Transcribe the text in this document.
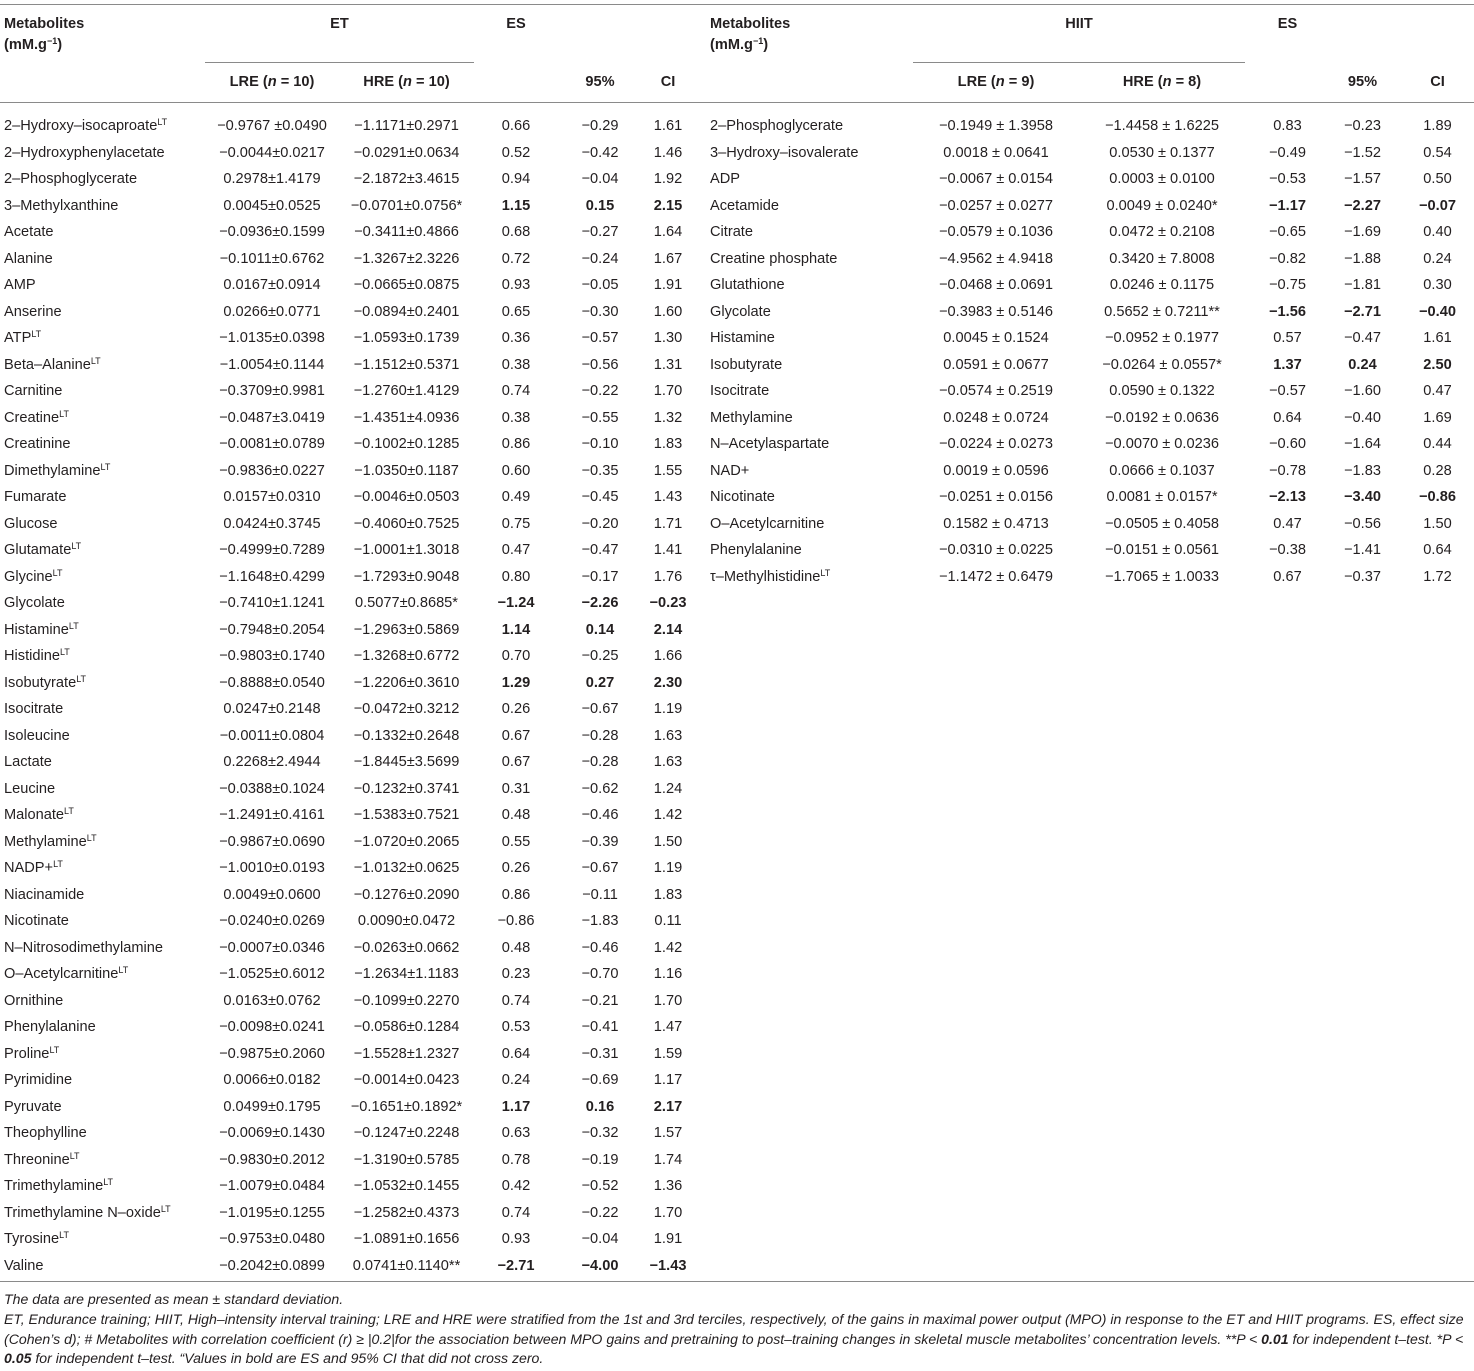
Metabolites
$(mM.g^{-1})$
ET	ES
LRE (n = 10)	HRE (n = 10)	95%	CI
Metabolites
$(mM.g^{-1})$
HIIT	ES
LRE (n = 9)	HRE (n = 8)	95%	CI
2–Hydroxy–isocaproate$^{LT}$	−0.9767 ±0.0490	−1.1171±0.2971	0.66	−0.29	1.61
2–Hydroxyphenylacetate	−0.0044±0.0217	−0.0291±0.0634	0.52	−0.42	1.46
2–Phosphoglycerate	0.2978±1.4179	−2.1872±3.4615	0.94	−0.04	1.92
3–Methylxanthine	0.0045±0.0525	−0.0701±0.0756*	1.15	0.15	2.15
Acetate	−0.0936±0.1599	−0.3411±0.4866	0.68	−0.27	1.64
Alanine	−0.1011±0.6762	−1.3267±2.3226	0.72	−0.24	1.67
AMP	0.0167±0.0914	−0.0665±0.0875	0.93	−0.05	1.91
Anserine	0.0266±0.0771	−0.0894±0.2401	0.65	−0.30	1.60
$ATP^{LT}$	−1.0135±0.0398	−1.0593±0.1739	0.36	−0.57	1.30
Beta–Alanine$^{LT}$	−1.0054±0.1144	−1.1512±0.5371	0.38	−0.56	1.31
Carnitine	−0.3709±0.9981	−1.2760±1.4129	0.74	−0.22	1.70
Creatine$^{LT}$	−0.0487±3.0419	−1.4351±4.0936	0.38	−0.55	1.32
Creatinine	−0.0081±0.0789	−0.1002±0.1285	0.86	−0.10	1.83
Dimethylamine$^{LT}$	−0.9836±0.0227	−1.0350±0.1187	0.60	−0.35	1.55
Fumarate	0.0157±0.0310	−0.0046±0.0503	0.49	−0.45	1.43
Glucose	0.0424±0.3745	−0.4060±0.7525	0.75	−0.20	1.71
Glutamate$^{LT}$	−0.4999±0.7289	−1.0001±1.3018	0.47	−0.47	1.41
Glycine$^{LT}$	−1.1648±0.4299	−1.7293±0.9048	0.80	−0.17	1.76
Glycolate	−0.7410±1.1241	0.5077±0.8685*	−1.24	−2.26	−0.23
Histamine$^{LT}$	−0.7948±0.2054	−1.2963±0.5869	1.14	0.14	2.14
Histidine$^{LT}$	−0.9803±0.1740	−1.3268±0.6772	0.70	−0.25	1.66
Isobutyrate$^{LT}$	−0.8888±0.0540	−1.2206±0.3610	1.29	0.27	2.30
Isocitrate	0.0247±0.2148	−0.0472±0.3212	0.26	−0.67	1.19
Isoleucine	−0.0011±0.0804	−0.1332±0.2648	0.67	−0.28	1.63
Lactate	0.2268±2.4944	−1.8445±3.5699	0.67	−0.28	1.63
Leucine	−0.0388±0.1024	−0.1232±0.3741	0.31	−0.62	1.24
Malonate$^{LT}$	−1.2491±0.4161	−1.5383±0.7521	0.48	−0.46	1.42
Methylamine$^{LT}$	−0.9867±0.0690	−1.0720±0.2065	0.55	−0.39	1.50
NADP+$^{LT}$	−1.0010±0.0193	−1.0132±0.0625	0.26	−0.67	1.19
Niacinamide	0.0049±0.0600	−0.1276±0.2090	0.86	−0.11	1.83
Nicotinate	−0.0240±0.0269	0.0090±0.0472	−0.86	−1.83	0.11
N–Nitrosodimethylamine	−0.0007±0.0346	−0.0263±0.0662	0.48	−0.46	1.42
O–Acetylcarnitine$^{LT}$	−1.0525±0.6012	−1.2634±1.1183	0.23	−0.70	1.16
Ornithine	0.0163±0.0762	−0.1099±0.2270	0.74	−0.21	1.70
Phenylalanine	−0.0098±0.0241	−0.0586±0.1284	0.53	−0.41	1.47
Proline$^{LT}$	−0.9875±0.2060	−1.5528±1.2327	0.64	−0.31	1.59
Pyrimidine	0.0066±0.0182	−0.0014±0.0423	0.24	−0.69	1.17
Pyruvate	0.0499±0.1795	−0.1651±0.1892*	1.17	0.16	2.17
Theophylline	−0.0069±0.1430	−0.1247±0.2248	0.63	−0.32	1.57
Threonine$^{LT}$	−0.9830±0.2012	−1.3190±0.5785	0.78	−0.19	1.74
Trimethylamine$^{LT}$	−1.0079±0.0484	−1.0532±0.1455	0.42	−0.52	1.36
Trimethylamine N–oxide$^{LT}$	−1.0195±0.1255	−1.2582±0.4373	0.74	−0.22	1.70
Tyrosine$^{LT}$	−0.9753±0.0480	−1.0891±0.1656	0.93	−0.04	1.91
Valine	−0.2042±0.0899	0.0741±0.1140**	−2.71	−4.00	−1.43
2–Phosphoglycerate	−0.1949 ± 1.3958	−1.4458 ± 1.6225	0.83	−0.23	1.89
3–Hydroxy–isovalerate	0.0018 ± 0.0641	0.0530 ± 0.1377	−0.49	−1.52	0.54
ADP	−0.0067 ± 0.0154	0.0003 ± 0.0100	−0.53	−1.57	0.50
Acetamide	−0.0257 ± 0.0277	0.0049 ± 0.0240*	−1.17	−2.27	−0.07
Citrate	−0.0579 ± 0.1036	0.0472 ± 0.2108	−0.65	−1.69	0.40
Creatine phosphate	−4.9562 ± 4.9418	0.3420 ± 7.8008	−0.82	−1.88	0.24
Glutathione	−0.0468 ± 0.0691	0.0246 ± 0.1175	−0.75	−1.81	0.30
Glycolate	−0.3983 ± 0.5146	0.5652 ± 0.7211**	−1.56	−2.71	−0.40
Histamine	0.0045 ± 0.1524	−0.0952 ± 0.1977	0.57	−0.47	1.61
Isobutyrate	0.0591 ± 0.0677	−0.0264 ± 0.0557*	1.37	0.24	2.50
Isocitrate	−0.0574 ± 0.2519	0.0590 ± 0.1322	−0.57	−1.60	0.47
Methylamine	0.0248 ± 0.0724	−0.0192 ± 0.0636	0.64	−0.40	1.69
N–Acetylaspartate	−0.0224 ± 0.0273	−0.0070 ± 0.0236	−0.60	−1.64	0.44
NAD+	0.0019 ± 0.0596	0.0666 ± 0.1037	−0.78	−1.83	0.28
Nicotinate	−0.0251 ± 0.0156	0.0081 ± 0.0157*	−2.13	−3.40	−0.86
O–Acetylcarnitine	0.1582 ± 0.4713	−0.0505 ± 0.4058	0.47	−0.56	1.50
Phenylalanine	−0.0310 ± 0.0225	−0.0151 ± 0.0561	−0.38	−1.41	0.64
τ–Methylhistidine$^{LT}$	−1.1472 ± 0.6479	−1.7065 ± 1.0033	0.67	−0.37	1.72
The data are presented as mean ± standard deviation.
ET, Endurance training; HIIT, High–intensity interval training; LRE and HRE were stratified from the 1st and 3rd terciles, respectively, of the gains in maximal power output (MPO) in response to the ET and HIIT programs. ES, effect size (Cohen’s d); # Metabolites with correlation coefficient (r) ≥ |0.2|for the association between MPO gains and pretraining to post–training changes in skeletal muscle metabolites’ concentration levels. **P < 0.01 for independent t–test. *P < 0.05 for independent t–test. “Values in bold are ES and 95% CI that did not cross zero.
